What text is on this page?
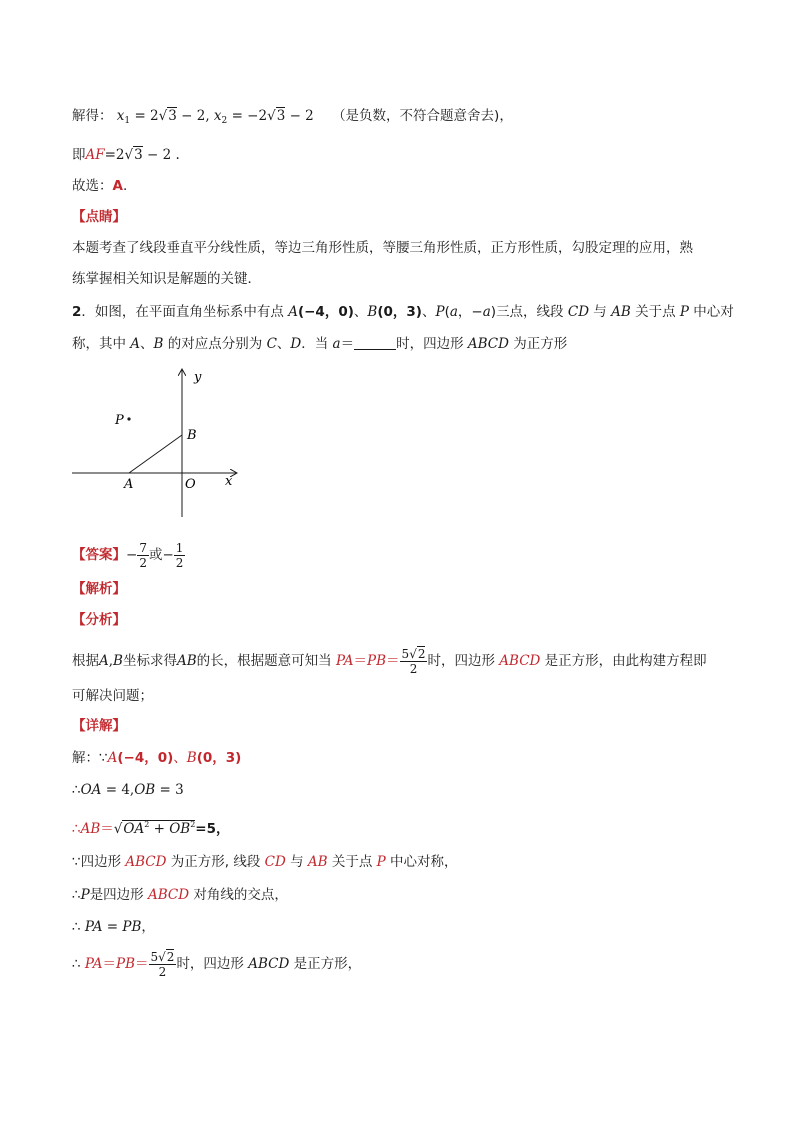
解得： $x_1 = 2√3 - 2$, $x_2 = -2√3 - 2$ （是负数，不符合题意舍去)，
即AF=2√3 − 2 .
故选：A.
【点睛】
本题考查了线段垂直平分线性质，等边三角形性质，等腰三角形性质，正方形性质，勾股定理的应用，熟
练掌握相关知识是解题的关键．
2．如图，在平面直角坐标系中有点 A(−4，0)、B(0，3)、P(a，−a)三点，线段 CD 与 AB 关于点 P 中心对
称，其中 A、B 的对应点分别为 C、D．当 a＝	时，四边形 ABCD 为正方形
y
x
P
B
A	O
【答案】− $\frac{7}{2}$ 或− $\frac{1}{2}$
【解析】
【分析】
根据A,B坐标求得AB的长，根据题意可知当 $PA=PB= \frac{5√2}{2}$ 时，四边形 ABCD 是正方形，由此构建方程即
可解决问题；
【详解】
解：∵A(−4，0)、B(0，3)
∴OA = 4,OB = 3
$\therefore AB=√OA^2 + OB^2=5$，
∵四边形 ABCD 为正方形, 线段 CD 与 AB 关于点 P 中心对称，
∴P是四边形 ABCD 对角线的交点，
∴ PA = PB，
∴ $PA=PB= \frac{5√2}{2}$ 时，四边形 ABCD 是正方形，
